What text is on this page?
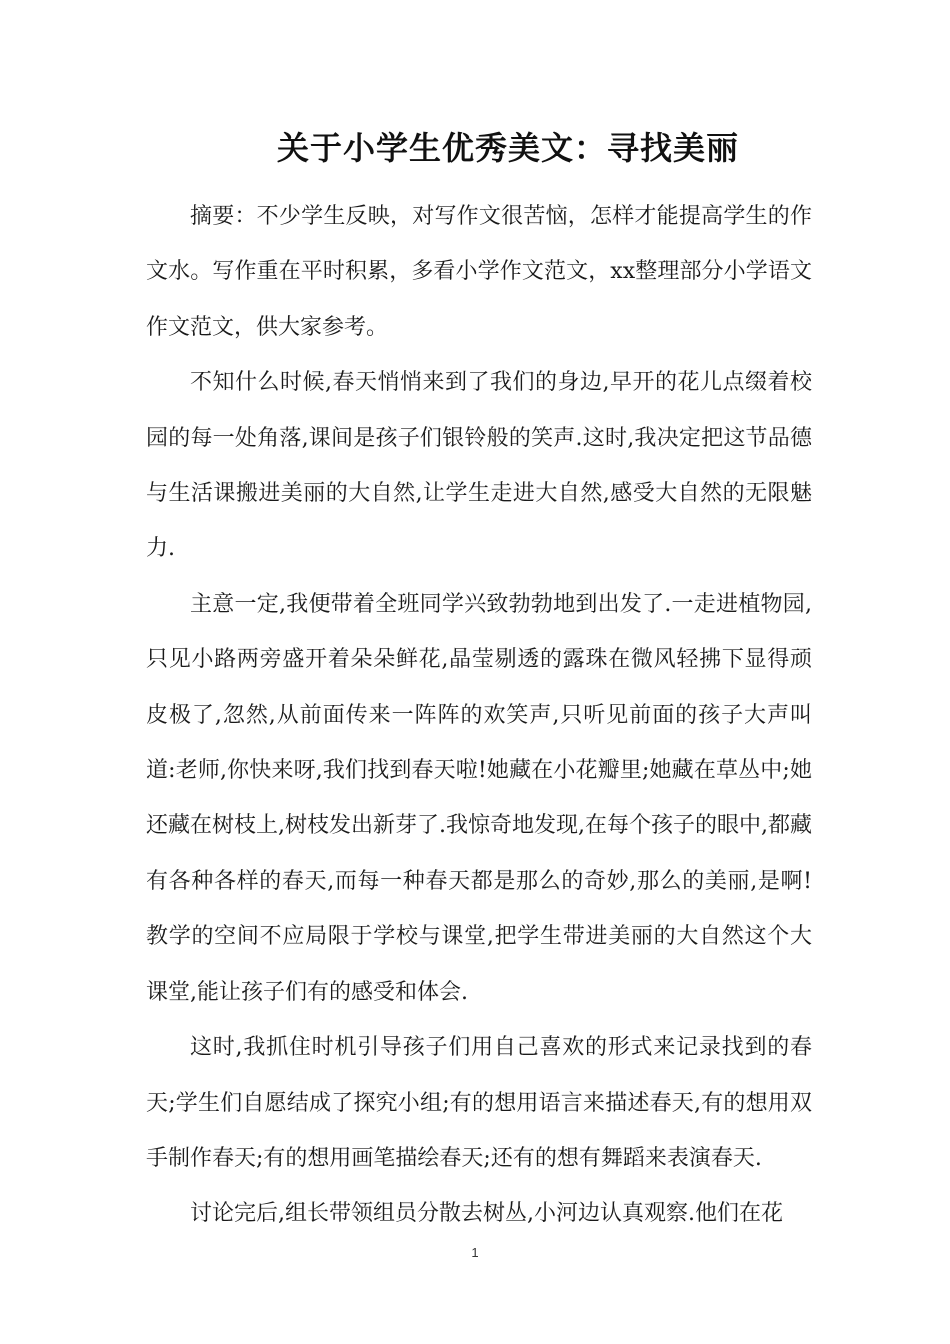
关于小学生优秀美文：寻找美丽

摘要：不少学生反映，对写作文很苦恼，怎样才能提高学生的作文水。写作重在平时积累，多看小学作文范文，xx整理部分小学语文作文范文，供大家参考。

不知什么时候,春天悄悄来到了我们的身边,早开的花儿点缀着校园的每一处角落,课间是孩子们银铃般的笑声.这时,我决定把这节品德与生活课搬进美丽的大自然,让学生走进大自然,感受大自然的无限魅力.

主意一定,我便带着全班同学兴致勃勃地到出发了.一走进植物园,只见小路两旁盛开着朵朵鲜花,晶莹剔透的露珠在微风轻拂下显得顽皮极了,忽然,从前面传来一阵阵的欢笑声,只听见前面的孩子大声叫道:老师,你快来呀,我们找到春天啦!她藏在小花瓣里;她藏在草丛中;她还藏在树枝上,树枝发出新芽了.我惊奇地发现,在每个孩子的眼中,都藏有各种各样的春天,而每一种春天都是那么的奇妙,那么的美丽,是啊!教学的空间不应局限于学校与课堂,把学生带进美丽的大自然这个大课堂,能让孩子们有的感受和体会.

这时,我抓住时机引导孩子们用自己喜欢的形式来记录找到的春天;学生们自愿结成了探究小组;有的想用语言来描述春天,有的想用双手制作春天;有的想用画笔描绘春天;还有的想有舞蹈来表演春天.

讨论完后,组长带领组员分散去树丛,小河边认真观察.他们在花

1
